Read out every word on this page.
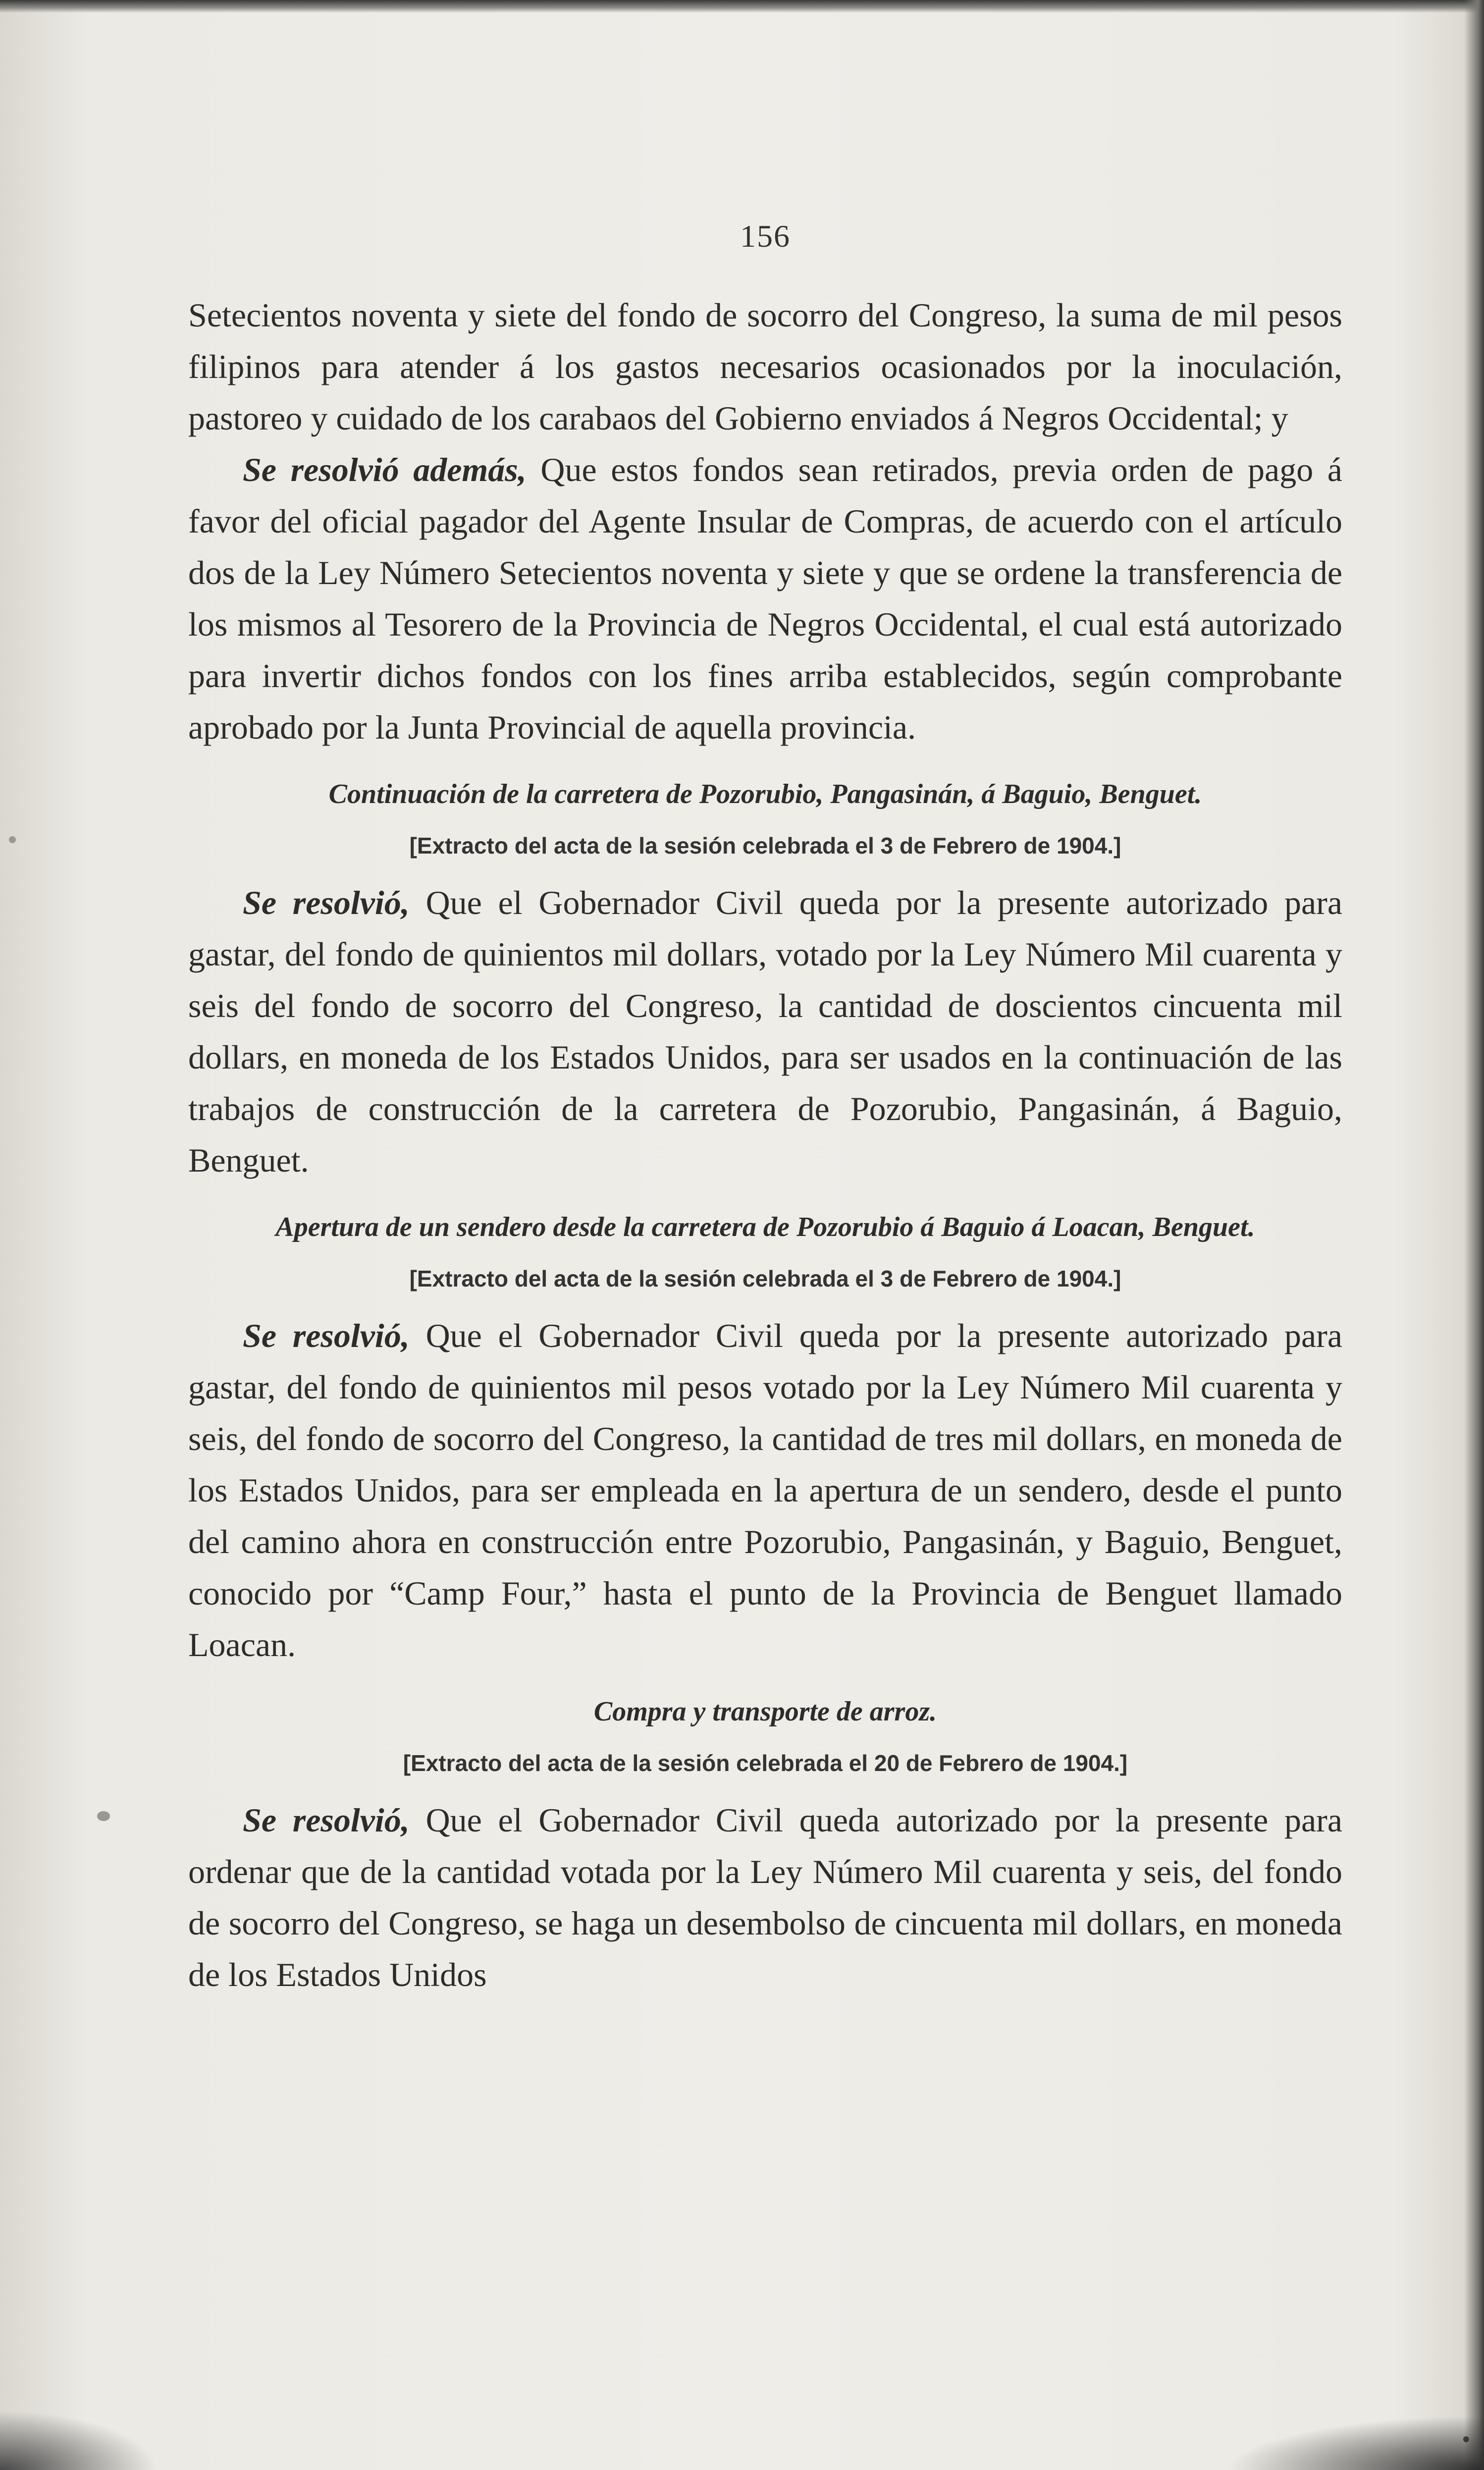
156

Setecientos noventa y siete del fondo de socorro del Congreso, la suma de mil pesos filipinos para atender á los gastos necesarios ocasionados por la inoculación, pastoreo y cuidado de los carabaos del Gobierno enviados á Negros Occidental; y

Se resolvió además, Que estos fondos sean retirados, previa orden de pago á favor del oficial pagador del Agente Insular de Compras, de acuerdo con el artículo dos de la Ley Número Setecientos noventa y siete y que se ordene la transferencia de los mismos al Tesorero de la Provincia de Negros Occidental, el cual está autorizado para invertir dichos fondos con los fines arriba establecidos, según comprobante aprobado por la Junta Provincial de aquella provincia.

Continuación de la carretera de Pozorubio, Pangasinán, á Baguio, Benguet.
[Extracto del acta de la sesión celebrada el 3 de Febrero de 1904.]

Se resolvió, Que el Gobernador Civil queda por la presente autorizado para gastar, del fondo de quinientos mil dollars, votado por la Ley Número Mil cuarenta y seis del fondo de socorro del Congreso, la cantidad de doscientos cincuenta mil dollars, en moneda de los Estados Unidos, para ser usados en la continuación de las trabajos de construcción de la carretera de Pozorubio, Pangasinán, á Baguio, Benguet.

Apertura de un sendero desde la carretera de Pozorubio á Baguio á Loacan, Benguet.
[Extracto del acta de la sesión celebrada el 3 de Febrero de 1904.]

Se resolvió, Que el Gobernador Civil queda por la presente autorizado para gastar, del fondo de quinientos mil pesos votado por la Ley Número Mil cuarenta y seis, del fondo de socorro del Congreso, la cantidad de tres mil dollars, en moneda de los Estados Unidos, para ser empleada en la apertura de un sendero, desde el punto del camino ahora en construcción entre Pozorubio, Pangasinán, y Baguio, Benguet, conocido por “Camp Four,” hasta el punto de la Provincia de Benguet llamado Loacan.

Compra y transporte de arroz.
[Extracto del acta de la sesión celebrada el 20 de Febrero de 1904.]

Se resolvió, Que el Gobernador Civil queda autorizado por la presente para ordenar que de la cantidad votada por la Ley Número Mil cuarenta y seis, del fondo de socorro del Congreso, se haga un desembolso de cincuenta mil dollars, en moneda de los Estados Unidos
